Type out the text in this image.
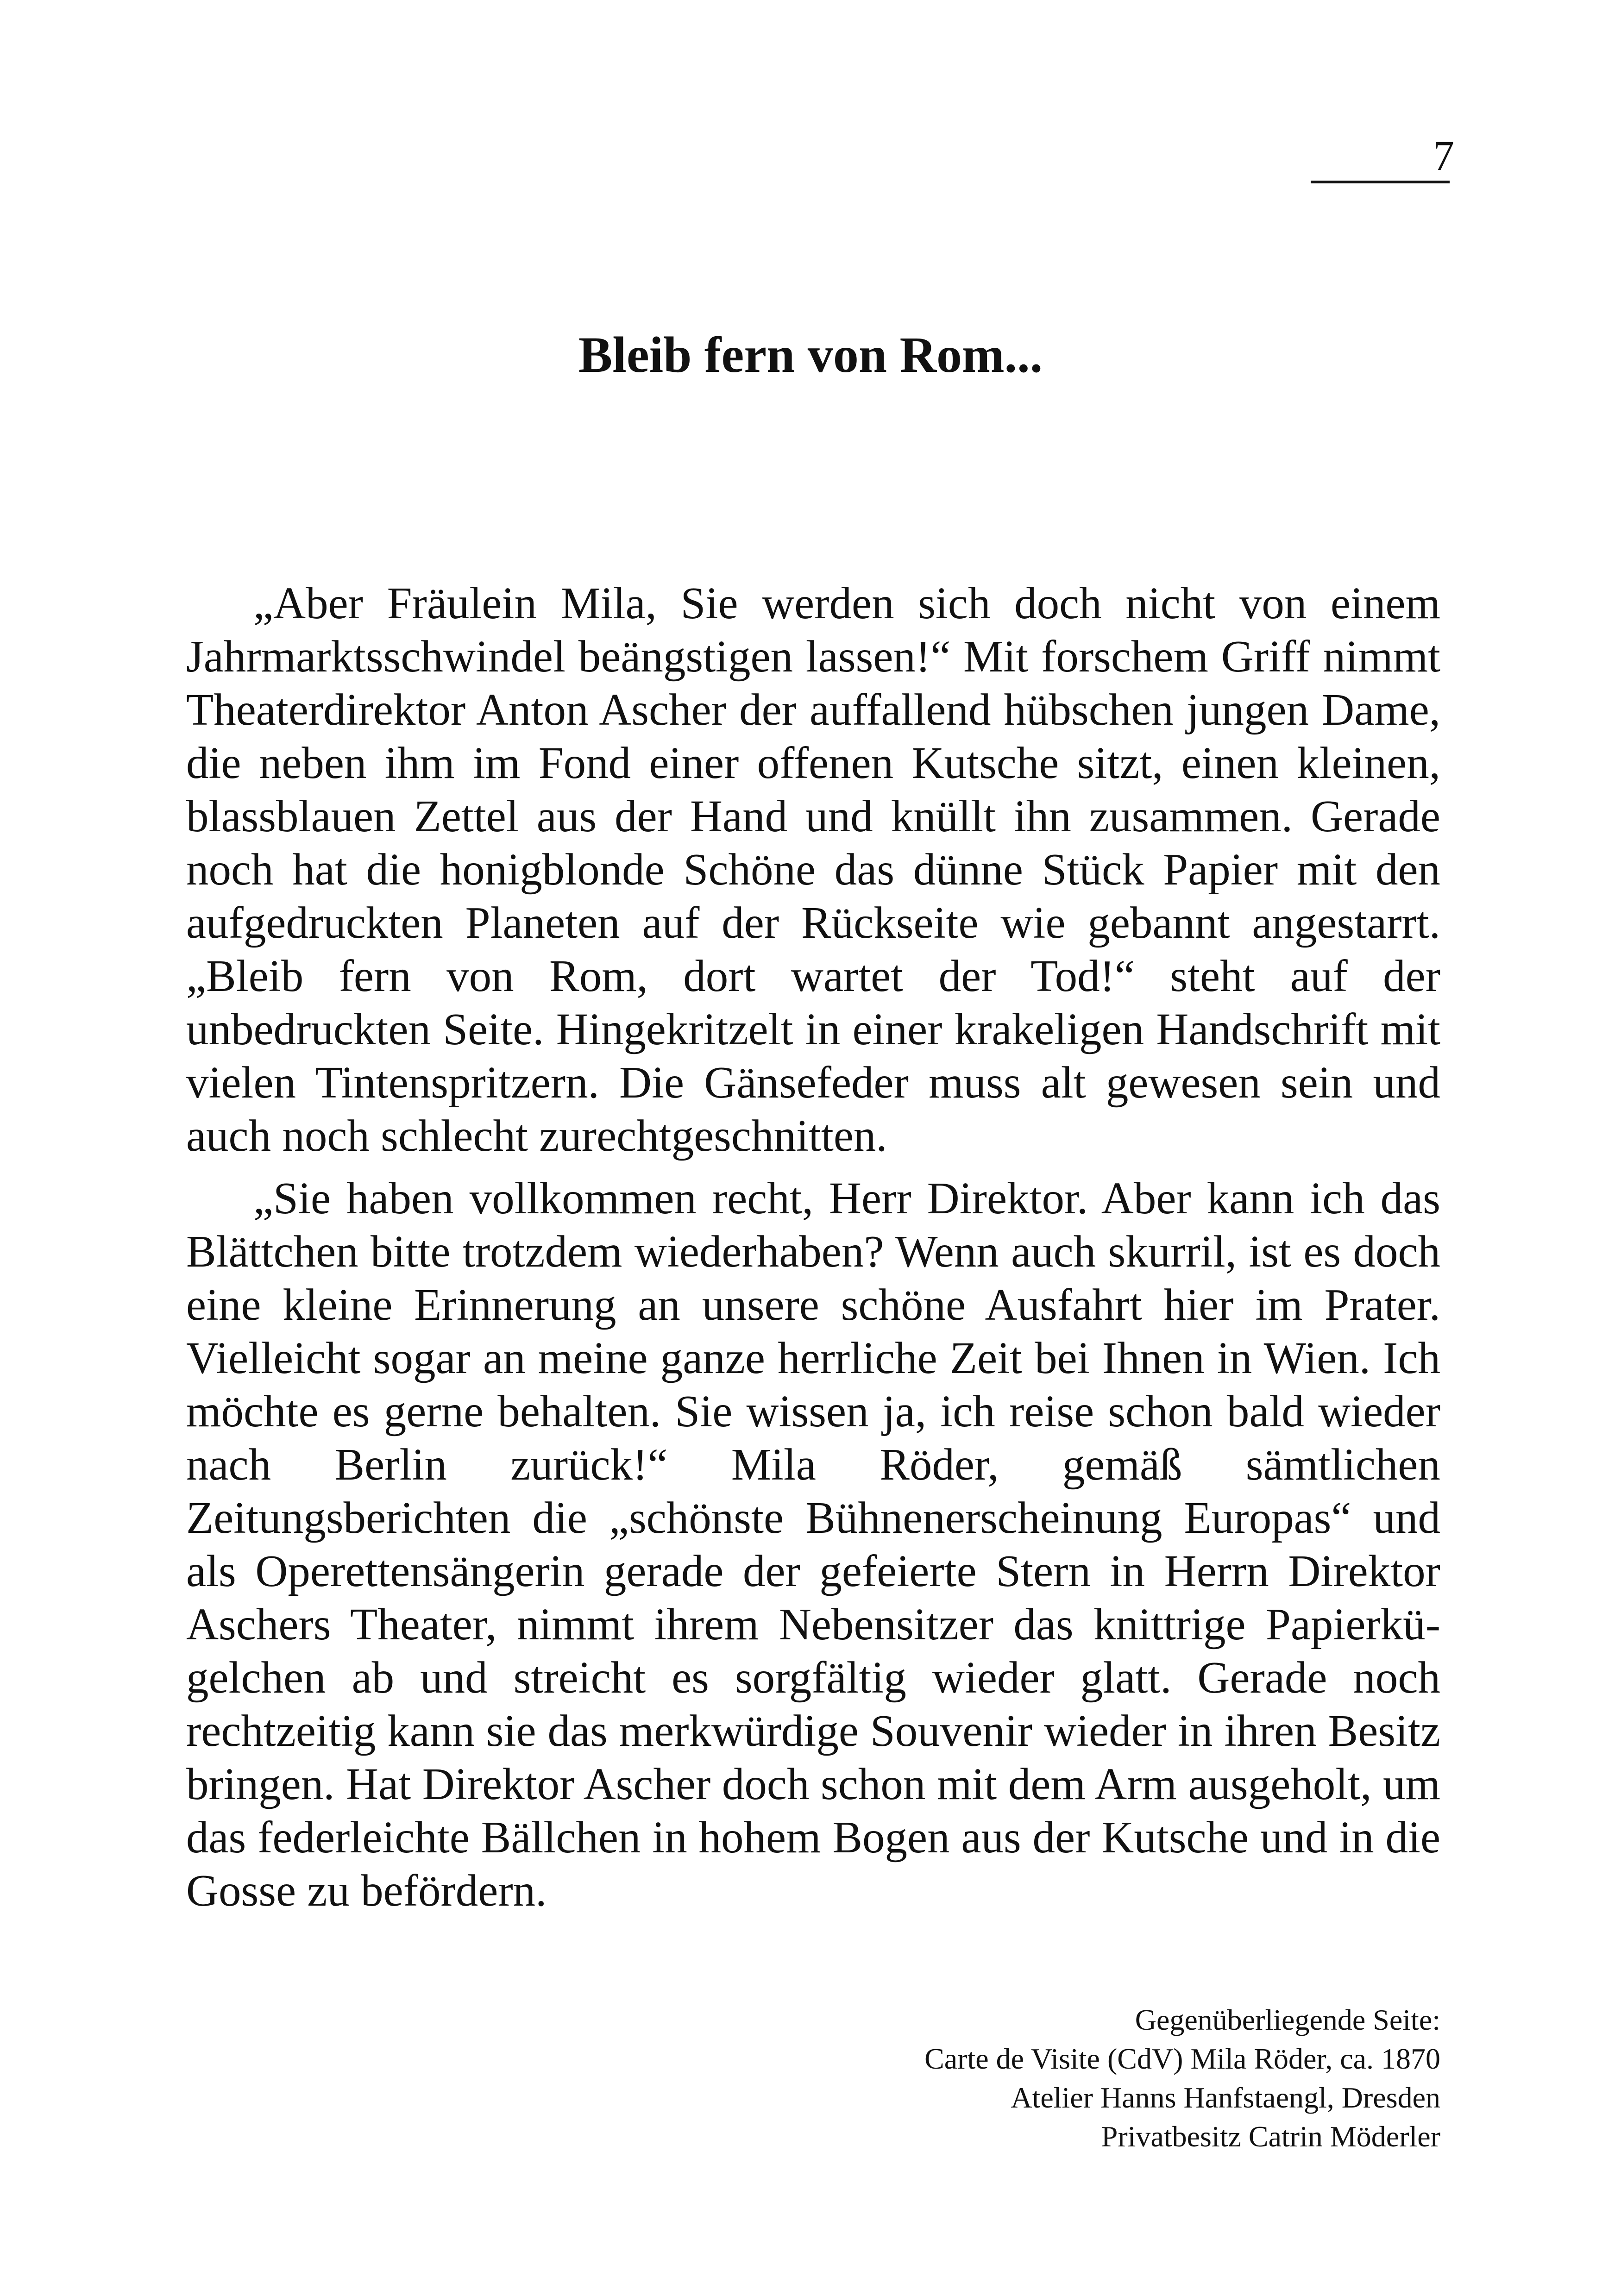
7
Bleib fern von Rom...

„Aber Fräulein Mila, Sie werden sich doch nicht von einem Jahrmarktsschwindel beängstigen lassen!“ Mit forschem Griff nimmt Theaterdirektor Anton Ascher der auffallend hübschen jungen Dame, die neben ihm im Fond einer offenen Kutsche sitzt, einen kleinen, blassblauen Zettel aus der Hand und knüllt ihn zusammen. Gerade noch hat die honigblonde Schöne das dünne Stück Papier mit den aufgedruckten Planeten auf der Rückseite wie gebannt angestarrt. „Bleib fern von Rom, dort wartet der Tod!“ steht auf der unbedruckten Seite. Hingekritzelt in einer krakeligen Handschrift mit vielen Tintenspritzern. Die Gänsefeder muss alt gewesen sein und auch noch schlecht zurechtgeschnitten.

„Sie haben vollkommen recht, Herr Direktor. Aber kann ich das Blättchen bitte trotzdem wiederhaben? Wenn auch skurril, ist es doch eine kleine Erinnerung an unsere schöne Ausfahrt hier im Prater. Vielleicht sogar an meine ganze herrliche Zeit bei Ihnen in Wien. Ich möchte es gerne behalten. Sie wissen ja, ich reise schon bald wieder nach Berlin zurück!“ Mila Röder, gemäß sämtlichen Zeitungsberichten die „schönste Bühnenerscheinung Europas“ und als Operettensängerin gerade der gefeierte Stern in Herrn Direktor Aschers Theater, nimmt ihrem Nebensitzer das knittrige Papierkügelchen ab und streicht es sorgfältig wieder glatt. Gerade noch rechtzeitig kann sie das merkwürdige Souvenir wieder in ihren Besitz bringen. Hat Direktor Ascher doch schon mit dem Arm ausgeholt, um das federleichte Bällchen in hohem Bogen aus der Kutsche und in die Gosse zu befördern.

Gegenüberliegende Seite:
Carte de Visite (CdV) Mila Röder, ca. 1870
Atelier Hanns Hanfstaengl, Dresden
Privatbesitz Catrin Möderler
